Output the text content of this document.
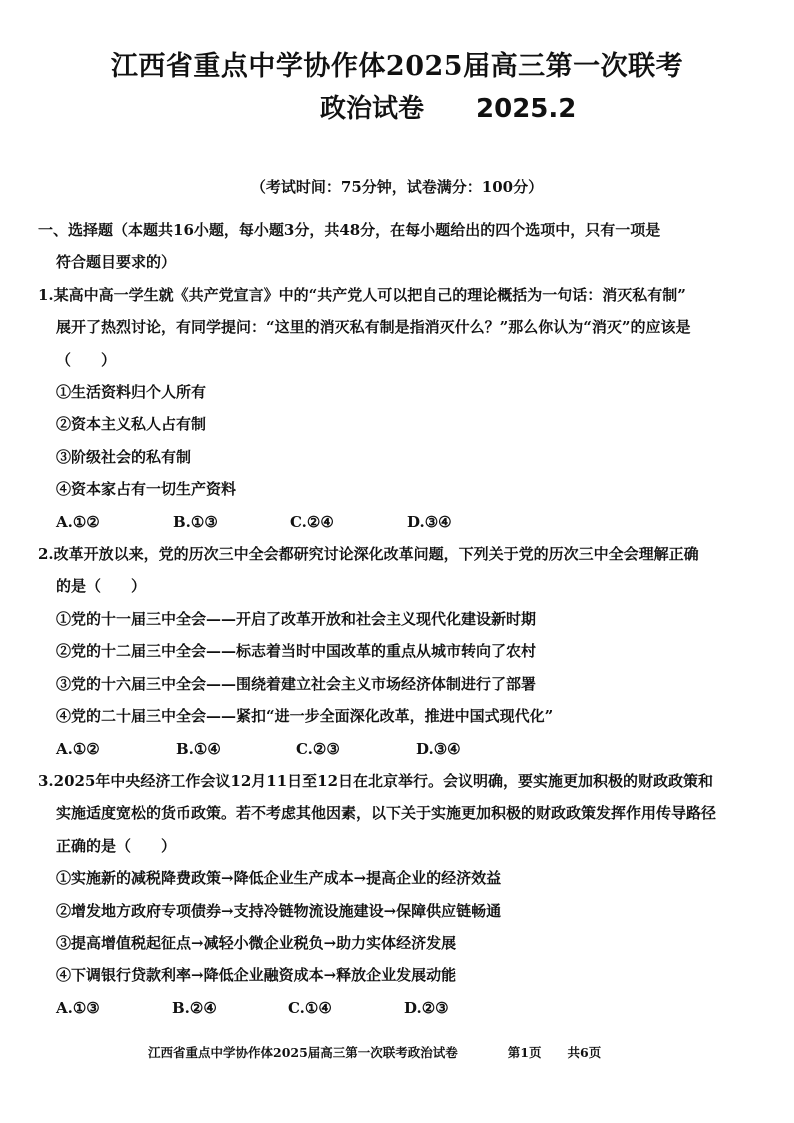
江西省重点中学协作体2025届高三第一次联考
政治试卷 2025.2
（考试时间：75分钟，试卷满分：100分）
一、选择题（本题共16小题，每小题3分，共48分，在每小题给出的四个选项中，只有一项是
符合题目要求的）
1.某高中高一学生就《共产党宣言》中的“共产党人可以把自己的理论概括为一句话：消灭私有制”
展开了热烈讨论，有同学提问：“这里的消灭私有制是指消灭什么？”那么你认为“消灭”的应该是
（　　）
①生活资料归个人所有
②资本主义私人占有制
③阶级社会的私有制
④资本家占有一切生产资料
A.①②	B.①③	C.②④	D.③④
2.改革开放以来，党的历次三中全会都研究讨论深化改革问题，下列关于党的历次三中全会理解正确
的是（　　）
①党的十一届三中全会——开启了改革开放和社会主义现代化建设新时期
②党的十二届三中全会——标志着当时中国改革的重点从城市转向了农村
③党的十六届三中全会——围绕着建立社会主义市场经济体制进行了部署
④党的二十届三中全会——紧扣“进一步全面深化改革，推进中国式现代化”
A.①②	B.①④	C.②③	D.③④
3.2025年中央经济工作会议12月11日至12日在北京举行。会议明确，要实施更加积极的财政政策和
实施适度宽松的货币政策。若不考虑其他因素，以下关于实施更加积极的财政政策发挥作用传导路径
正确的是（　　）
①实施新的减税降费政策→降低企业生产成本→提高企业的经济效益
②增发地方政府专项债券→支持冷链物流设施建设→保障供应链畅通
③提高增值税起征点→减轻小微企业税负→助力实体经济发展
④下调银行贷款利率→降低企业融资成本→释放企业发展动能
A.①③	B.②④	C.①④	D.②③
江西省重点中学协作体2025届高三第一次联考政治试卷	第1页 共6页
